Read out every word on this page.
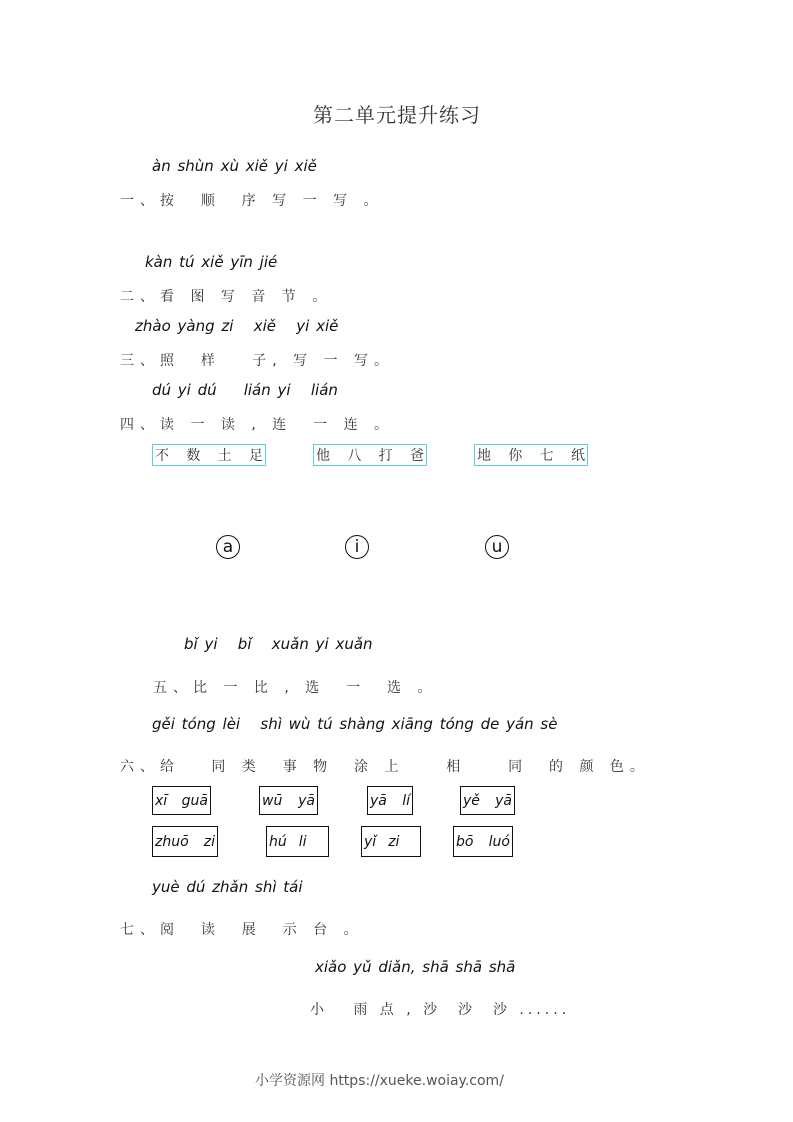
第二单元提升练习
àn shùn xù xiě yi xiě
一、按  顺  序 写 一 写 。
kàn tú xiě yīn jié
二、看 图 写 音 节 。
zhào yàng zi   xiě   yi xiě
三、照  样   子, 写 一 写。
dú yi dú    lián yi   lián
四、读 一 读 , 连  一 连 。
不 数 土 足	他 八 打 爸	地 你 七 纸
a	i	u
bǐ yi   bǐ   xuǎn yi xuǎn
五、比 一 比 , 选  一  选 。
gěi tóng lèi   shì wù tú shàng xiāng tóng de yán sè
六、给   同 类  事 物  涂 上    相    同  的 颜 色。
xī guā	wū yā	yā lí	yě yā
zhuō zi	hú li	yǐ zi	bō luó
yuè dú zhǎn shì tái
七、阅  读  展  示 台 。
xiǎo yǔ diǎn, shā shā shā
小   雨 点 , 沙  沙  沙 ......
小学资源网 https://xueke.woiay.com/
